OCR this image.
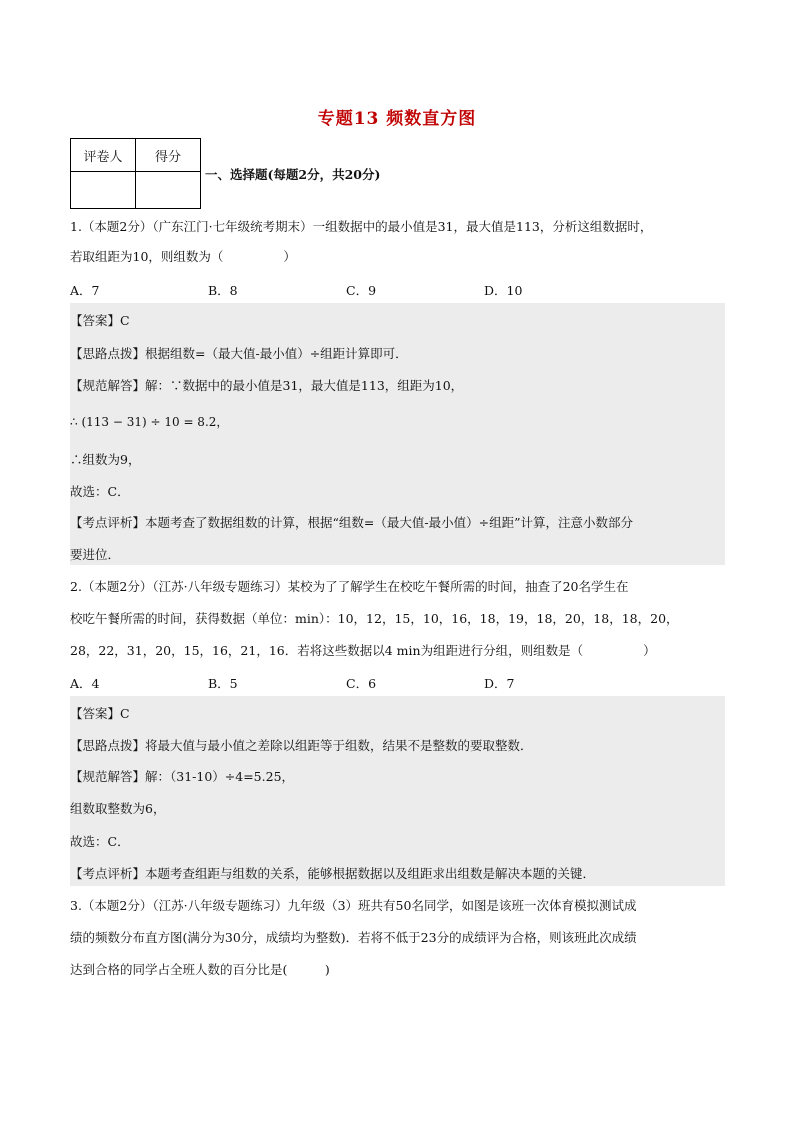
专题13 频数直方图
评卷人	得分

一、选择题(每题2分，共20分)
1.（本题2分）（广东江门·七年级统考期末）一组数据中的最小值是31，最大值是113，分析这组数据时，
若取组距为10，则组数为（	）
A．7	B．8	C．9	D．10
【答案】C
【思路点拨】根据组数=（最大值-最小值）÷组距计算即可．
【规范解答】解：∵数据中的最小值是31，最大值是113，组距为10，
∴ (113 − 31) ÷ 10 = 8.2，
∴组数为9，
故选：C．
【考点评析】本题考查了数据组数的计算，根据“组数=（最大值-最小值）÷组距”计算，注意小数部分
要进位．
2.（本题2分）（江苏·八年级专题练习）某校为了了解学生在校吃午餐所需的时间，抽查了20名学生在
校吃午餐所需的时间，获得数据（单位：min）：10，12，15，10，16，18，19，18，20，18，18，20，
28，22，31，20，15，16，21，16．若将这些数据以4 min为组距进行分组，则组数是（	）
A．4	B．5	C．6	D．7
【答案】C
【思路点拨】将最大值与最小值之差除以组距等于组数，结果不是整数的要取整数．
【规范解答】解：（31-10）÷4=5.25，
组数取整数为6，
故选：C．
【考点评析】本题考查组距与组数的关系，能够根据数据以及组距求出组数是解决本题的关键．
3.（本题2分）（江苏·八年级专题练习）九年级（3）班共有50名同学，如图是该班一次体育模拟测试成
绩的频数分布直方图(满分为30分，成绩均为整数)．若将不低于23分的成绩评为合格，则该班此次成绩
达到合格的同学占全班人数的百分比是(　　　)
